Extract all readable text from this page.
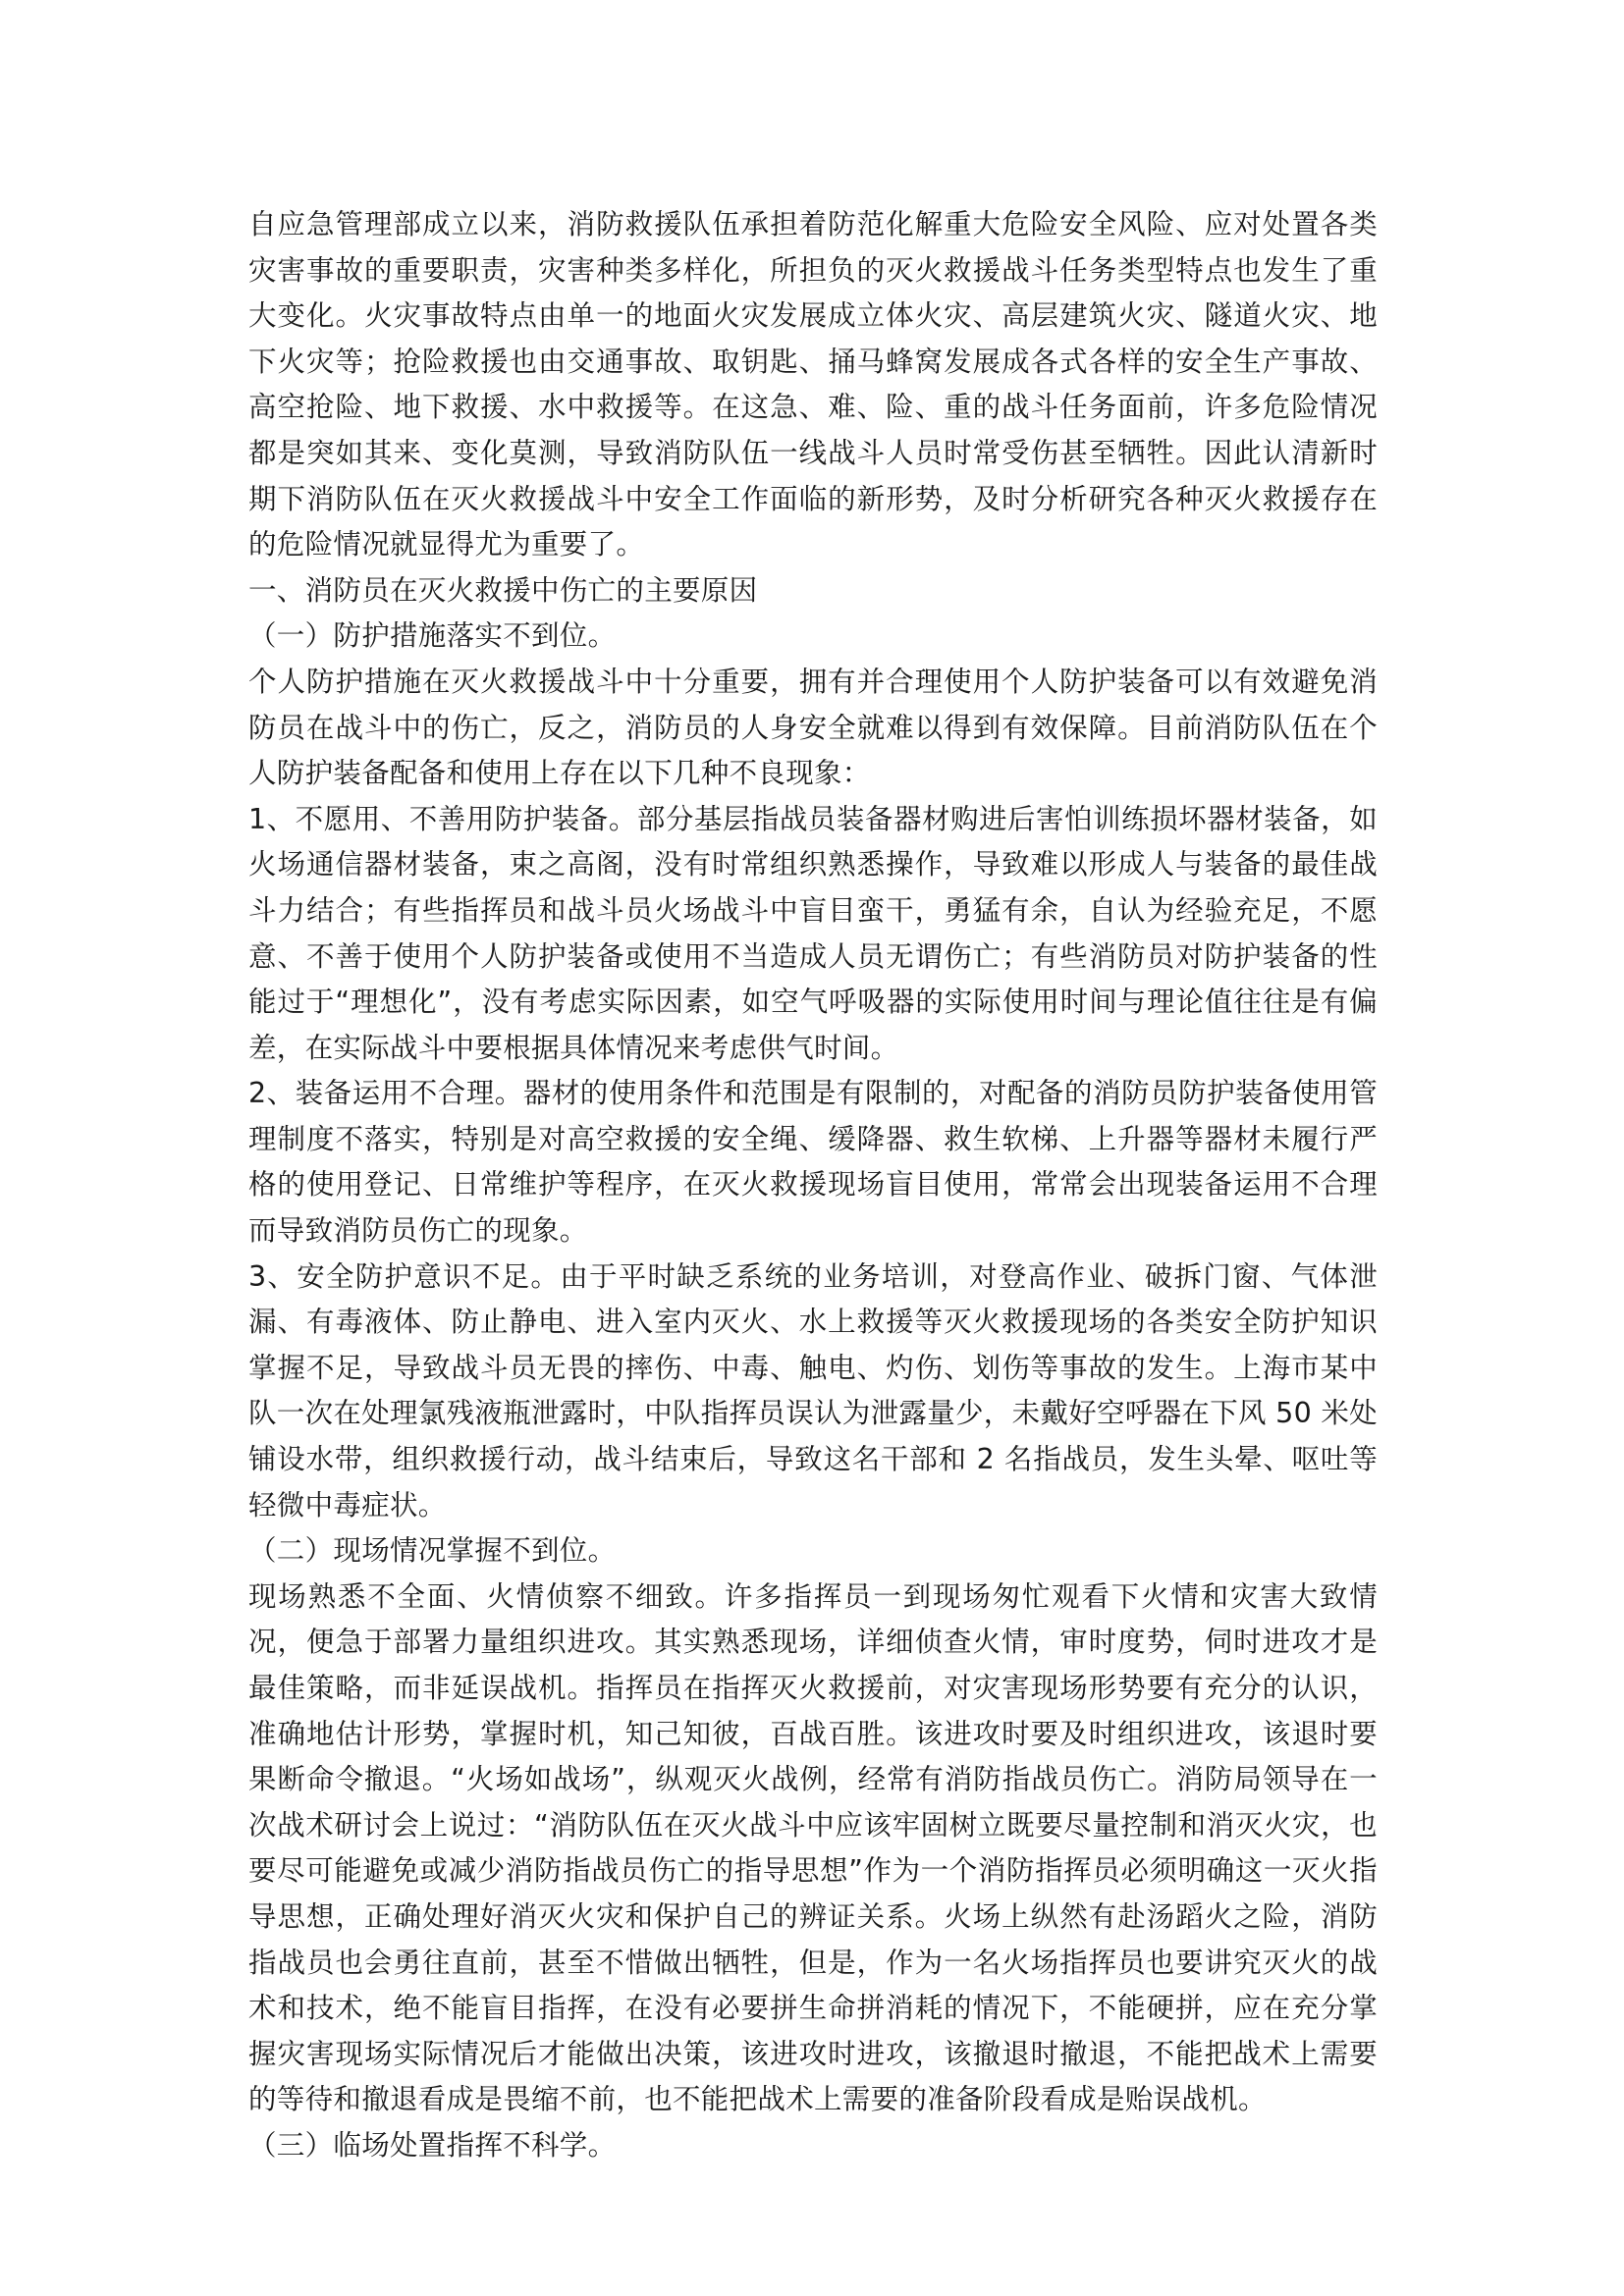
自应急管理部成立以来，消防救援队伍承担着防范化解重大危险安全风险、应对处置各类灾害事故的重要职责，灾害种类多样化，所担负的灭火救援战斗任务类型特点也发生了重大变化。火灾事故特点由单一的地面火灾发展成立体火灾、高层建筑火灾、隧道火灾、地下火灾等；抢险救援也由交通事故、取钥匙、捅马蜂窝发展成各式各样的安全生产事故、高空抢险、地下救援、水中救援等。在这急、难、险、重的战斗任务面前，许多危险情况都是突如其来、变化莫测，导致消防队伍一线战斗人员时常受伤甚至牺牲。因此认清新时期下消防队伍在灭火救援战斗中安全工作面临的新形势，及时分析研究各种灭火救援存在的危险情况就显得尤为重要了。

一、消防员在灭火救援中伤亡的主要原因

（一）防护措施落实不到位。

个人防护措施在灭火救援战斗中十分重要，拥有并合理使用个人防护装备可以有效避免消防员在战斗中的伤亡，反之，消防员的人身安全就难以得到有效保障。目前消防队伍在个人防护装备配备和使用上存在以下几种不良现象：

1、不愿用、不善用防护装备。部分基层指战员装备器材购进后害怕训练损坏器材装备，如火场通信器材装备，束之高阁，没有时常组织熟悉操作，导致难以形成人与装备的最佳战斗力结合；有些指挥员和战斗员火场战斗中盲目蛮干，勇猛有余，自认为经验充足，不愿意、不善于使用个人防护装备或使用不当造成人员无谓伤亡；有些消防员对防护装备的性能过于“理想化”，没有考虑实际因素，如空气呼吸器的实际使用时间与理论值往往是有偏差，在实际战斗中要根据具体情况来考虑供气时间。

2、装备运用不合理。器材的使用条件和范围是有限制的，对配备的消防员防护装备使用管理制度不落实，特别是对高空救援的安全绳、缓降器、救生软梯、上升器等器材未履行严格的使用登记、日常维护等程序，在灭火救援现场盲目使用，常常会出现装备运用不合理而导致消防员伤亡的现象。

3、安全防护意识不足。由于平时缺乏系统的业务培训，对登高作业、破拆门窗、气体泄漏、有毒液体、防止静电、进入室内灭火、水上救援等灭火救援现场的各类安全防护知识掌握不足，导致战斗员无畏的摔伤、中毒、触电、灼伤、划伤等事故的发生。上海市某中队一次在处理氯残液瓶泄露时，中队指挥员误认为泄露量少，未戴好空呼器在下风 50 米处铺设水带，组织救援行动，战斗结束后，导致这名干部和 2 名指战员，发生头晕、呕吐等轻微中毒症状。

（二）现场情况掌握不到位。

现场熟悉不全面、火情侦察不细致。许多指挥员一到现场匆忙观看下火情和灾害大致情况，便急于部署力量组织进攻。其实熟悉现场，详细侦查火情，审时度势，伺时进攻才是最佳策略，而非延误战机。指挥员在指挥灭火救援前，对灾害现场形势要有充分的认识，准确地估计形势，掌握时机，知己知彼，百战百胜。该进攻时要及时组织进攻，该退时要果断命令撤退。“火场如战场”，纵观灭火战例，经常有消防指战员伤亡。消防局领导在一次战术研讨会上说过：“消防队伍在灭火战斗中应该牢固树立既要尽量控制和消灭火灾，也要尽可能避免或减少消防指战员伤亡的指导思想”作为一个消防指挥员必须明确这一灭火指导思想，正确处理好消灭火灾和保护自己的辨证关系。火场上纵然有赴汤蹈火之险，消防指战员也会勇往直前，甚至不惜做出牺牲，但是，作为一名火场指挥员也要讲究灭火的战术和技术，绝不能盲目指挥，在没有必要拼生命拼消耗的情况下，不能硬拼，应在充分掌握灾害现场实际情况后才能做出决策，该进攻时进攻，该撤退时撤退，不能把战术上需要的等待和撤退看成是畏缩不前，也不能把战术上需要的准备阶段看成是贻误战机。

（三）临场处置指挥不科学。
